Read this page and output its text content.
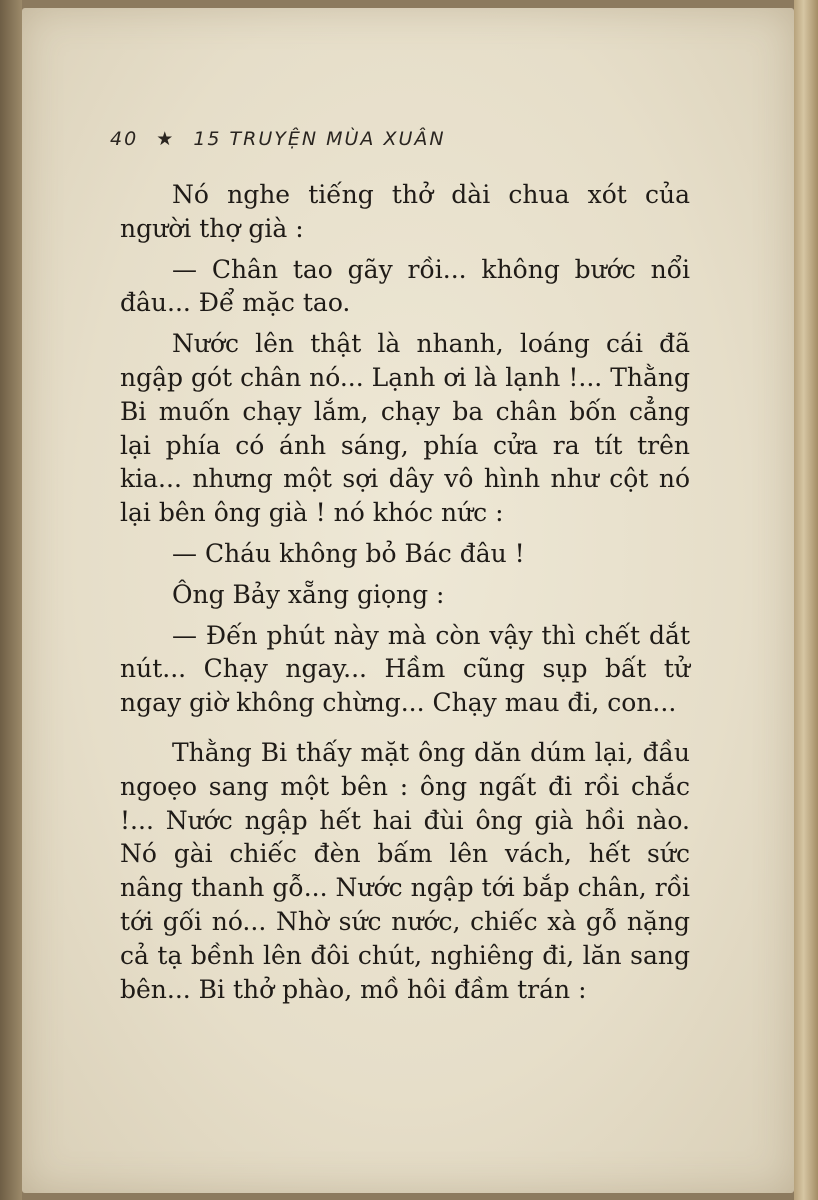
40 ★ 15 TRUYỆN MÙA XUÂN

Nó nghe tiếng thở dài chua xót của người thợ già :

— Chân tao gãy rồi... không bước nổi đâu... Để mặc tao.

Nước lên thật là nhanh, loáng cái đã ngập gót chân nó... Lạnh ơi là lạnh !... Thằng Bi muốn chạy lắm, chạy ba chân bốn cẳng lại phía có ánh sáng, phía cửa ra tít trên kia... nhưng một sợi dây vô hình như cột nó lại bên ông già ! nó khóc nức :

— Cháu không bỏ Bác đâu !

Ông Bảy xẵng giọng :

— Đến phút này mà còn vậy thì chết dắt nút... Chạy ngay... Hầm cũng sụp bất tử ngay giờ không chừng... Chạy mau đi, con...

Thằng Bi thấy mặt ông dăn dúm lại, đầu ngoẹo sang một bên : ông ngất đi rồi chắc !... Nước ngập hết hai đùi ông già hồi nào. Nó gài chiếc đèn bấm lên vách, hết sức nâng thanh gỗ... Nước ngập tới bắp chân, rồi tới gối nó... Nhờ sức nước, chiếc xà gỗ nặng cả tạ bềnh lên đôi chút, nghiêng đi, lăn sang bên... Bi thở phào, mồ hôi đầm trán :
